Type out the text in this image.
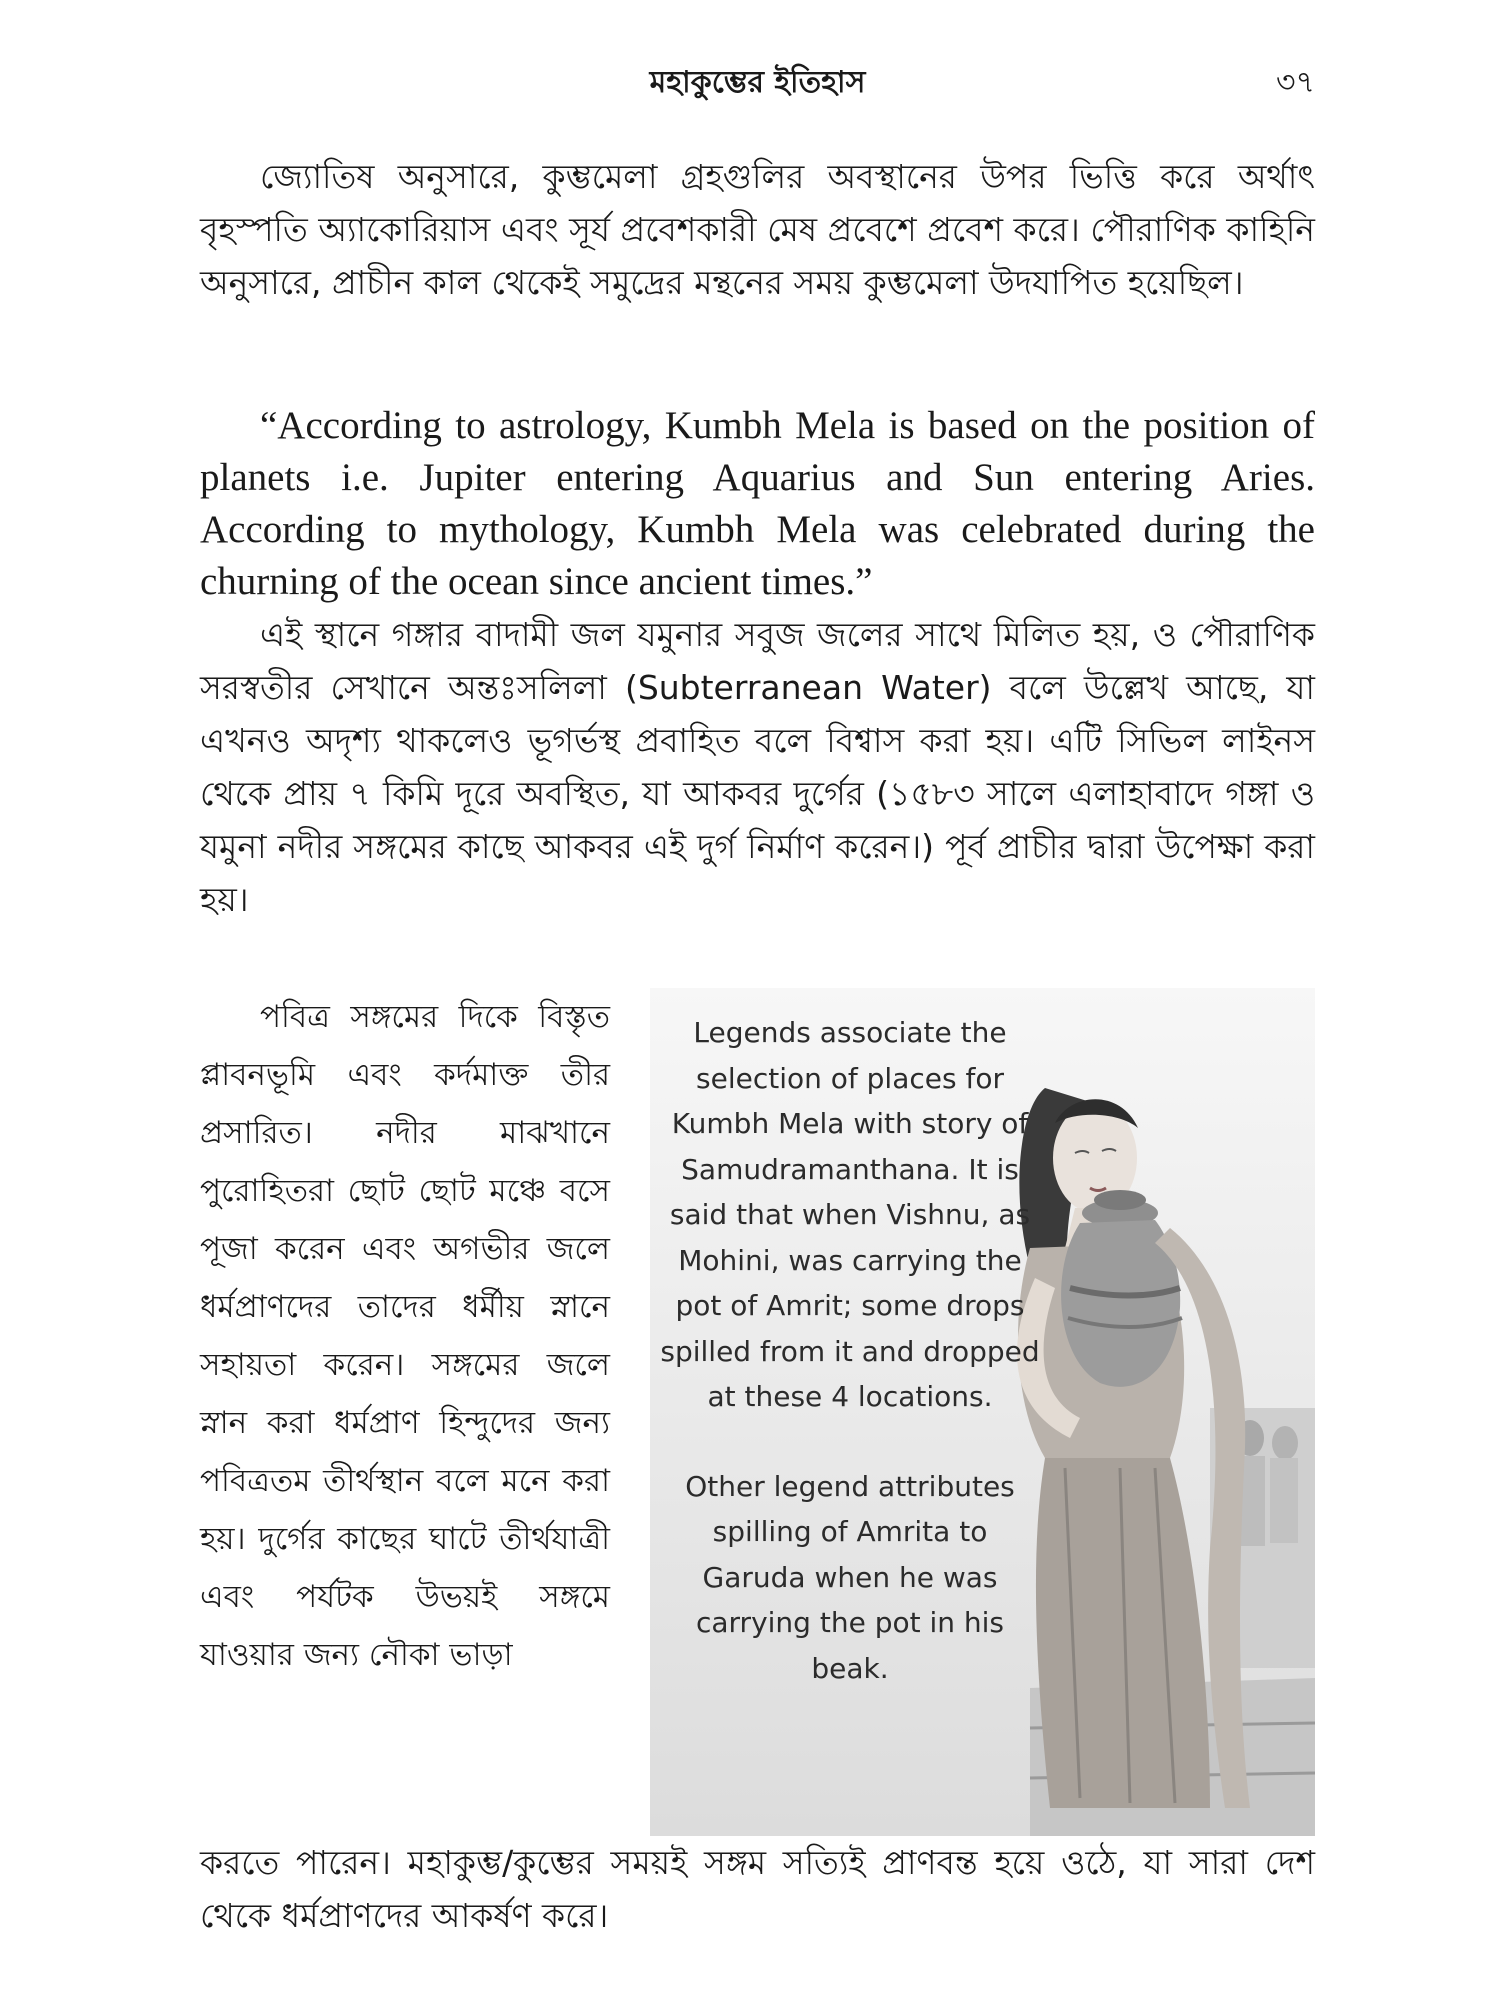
মহাকুম্ভের ইতিহাস	৩৭

জ্যোতিষ অনুসারে, কুম্ভমেলা গ্রহগুলির অবস্থানের উপর ভিত্তি করে অর্থাৎ বৃহস্পতি অ্যাকোরিয়াস এবং সূর্য প্রবেশকারী মেষ প্রবেশে প্রবেশ করে। পৌরাণিক কাহিনি অনুসারে, প্রাচীন কাল থেকেই সমুদ্রের মন্থনের সময় কুম্ভমেলা উদযাপিত হয়েছিল।

“According to astrology, Kumbh Mela is based on the position of planets i.e. Jupiter entering Aquarius and Sun entering Aries. According to mythology, Kumbh Mela was celebrated during the churning of the ocean since ancient times.”

এই স্থানে গঙ্গার বাদামী জল যমুনার সবুজ জলের সাথে মিলিত হয়, ও পৌরাণিক সরস্বতীর সেখানে অন্তঃসলিলা (Subterranean Water) বলে উল্লেখ আছে, যা এখনও অদৃশ্য থাকলেও ভূগর্ভস্থ প্রবাহিত বলে বিশ্বাস করা হয়। এটি সিভিল লাইনস থেকে প্রায় ৭ কিমি দূরে অবস্থিত, যা আকবর দুর্গের (১৫৮৩ সালে এলাহাবাদে গঙ্গা ও যমুনা নদীর সঙ্গমের কাছে আকবর এই দুর্গ নির্মাণ করেন।) পূর্ব প্রাচীর দ্বারা উপেক্ষা করা হয়।

পবিত্র সঙ্গমের দিকে বিস্তৃত প্লাবনভূমি এবং কর্দমাক্ত তীর প্রসারিত। নদীর মাঝখানে পুরোহিতরা ছোট ছোট মঞ্চে বসে পূজা করেন এবং অগভীর জলে ধর্মপ্রাণদের তাদের ধর্মীয় স্নানে সহায়তা করেন। সঙ্গমের জলে স্নান করা ধর্মপ্রাণ হিন্দুদের জন্য পবিত্রতম তীর্থস্থান বলে মনে করা হয়। দুর্গের কাছের ঘাটে তীর্থযাত্রী এবং পর্যটক উভয়ই সঙ্গমে যাওয়ার জন্য নৌকা ভাড়া

Legends associate the selection of places for Kumbh Mela with story of Samudramanthana. It is said that when Vishnu, as Mohini, was carrying the pot of Amrit; some drops spilled from it and dropped at these 4 locations.

Other legend attributes spilling of Amrita to Garuda when he was carrying the pot in his beak.

করতে পারেন। মহাকুম্ভ/কুম্ভের সময়ই সঙ্গম সত্যিই প্রাণবন্ত হয়ে ওঠে, যা সারা দেশ থেকে ধর্মপ্রাণদের আকর্ষণ করে।
